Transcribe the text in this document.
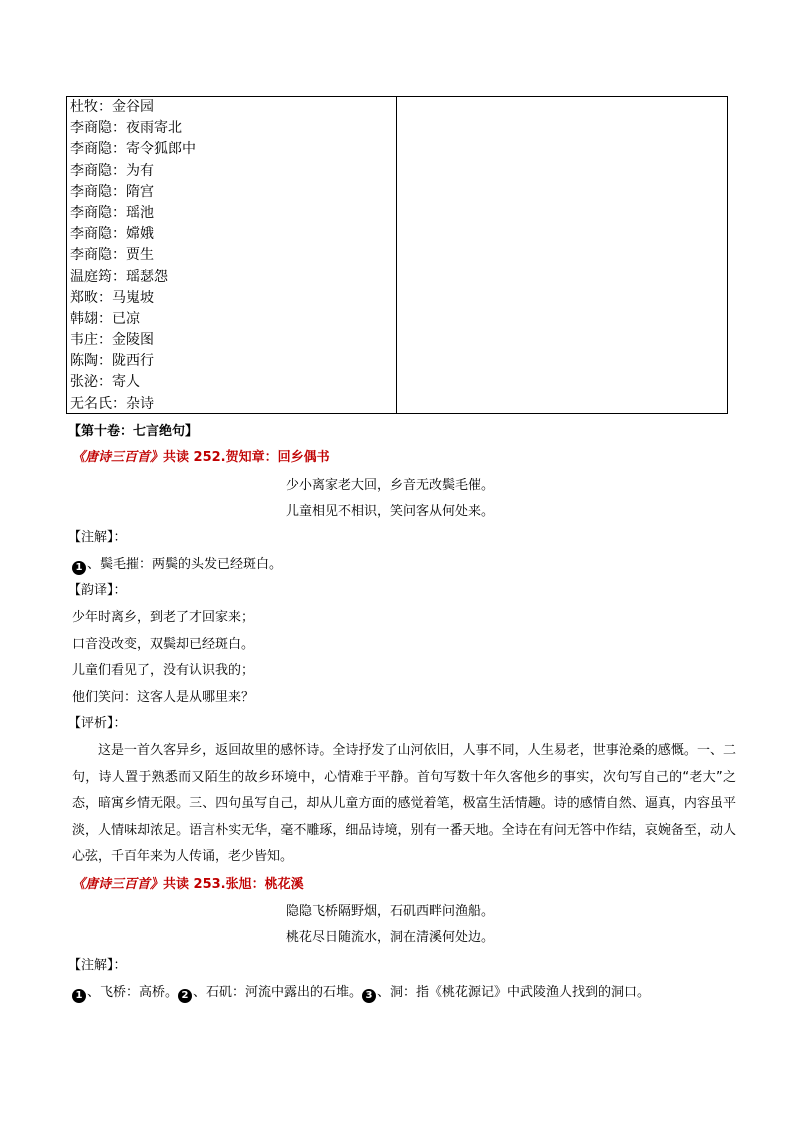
杜牧：金谷园
李商隐：夜雨寄北
李商隐：寄令狐郎中
李商隐：为有
李商隐：隋宫
李商隐：瑶池
李商隐：嫦娥
李商隐：贾生
温庭筠：瑶瑟怨
郑畋：马嵬坡
韩翃：已凉
韦庄：金陵图
陈陶：陇西行
张泌：寄人
无名氏：杂诗
【第十卷：七言绝句】
《唐诗三百首》共读 252.贺知章：回乡偶书
少小离家老大回，乡音无改鬓毛催。
儿童相见不相识，笑问客从何处来。
【注解】：
1 、鬓毛摧：两鬓的头发已经斑白。
【韵译】：
少年时离乡，到老了才回家来；
口音没改变，双鬓却已经斑白。
儿童们看见了，没有认识我的；
他们笑问：这客人是从哪里来？
【评析】：

这是一首久客异乡，返回故里的感怀诗。全诗抒发了山河依旧，人事不同，人生易老，世事沧桑的感慨。一、二句，诗人置于熟悉而又陌生的故乡环境中，心情难于平静。首句写数十年久客他乡的事实，次句写自己的“老大”之态，暗寓乡情无限。三、四句虽写自己，却从儿童方面的感觉着笔，极富生活情趣。诗的感情自然、逼真，内容虽平淡，人情味却浓足。语言朴实无华，毫不雕琢，细品诗境，别有一番天地。全诗在有问无答中作结，哀婉备至，动人心弦，千百年来为人传诵，老少皆知。

《唐诗三百首》共读 253.张旭：桃花溪
隐隐飞桥隔野烟，石矶西畔问渔船。
桃花尽日随流水，洞在清溪何处边。
【注解】：
1 、飞桥：高桥。 2 、石矶：河流中露出的石堆。 3 、洞：指《桃花源记》中武陵渔人找到的洞口。
